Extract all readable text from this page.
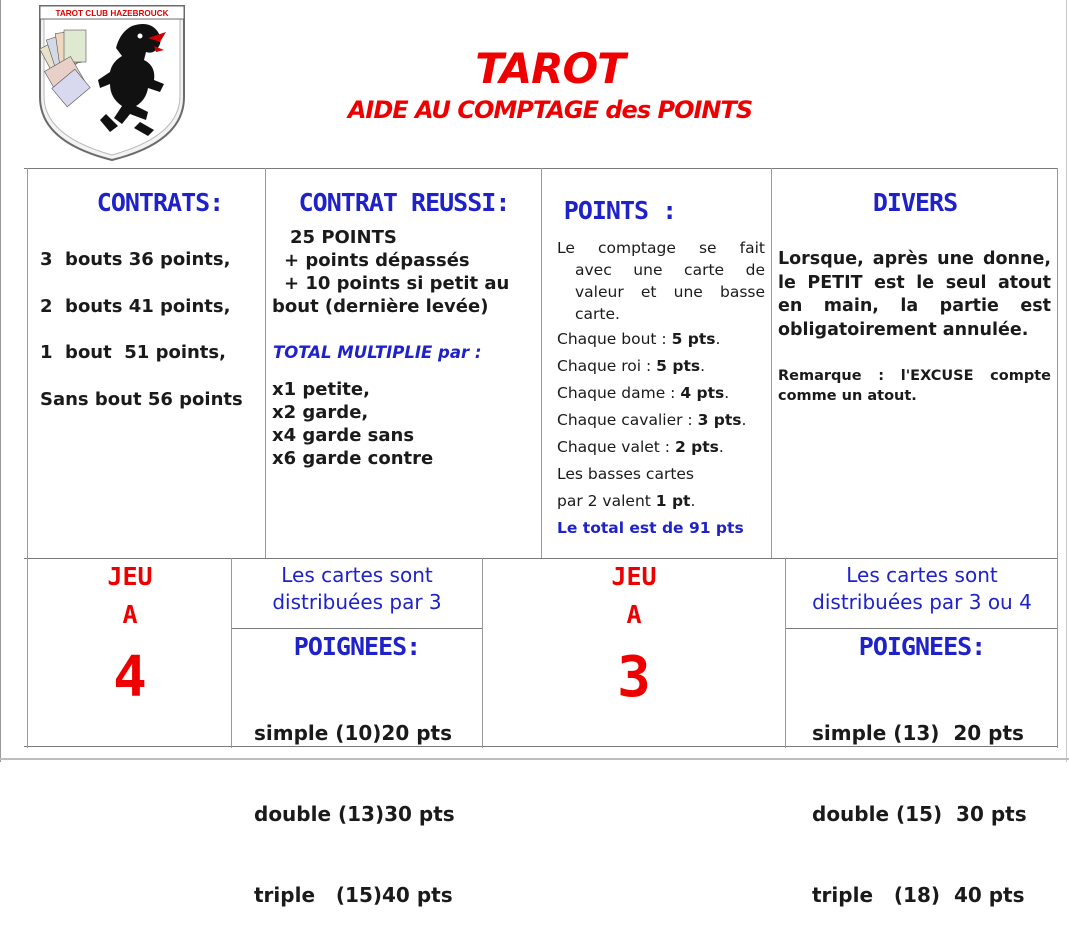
TAROT CLUB HAZEBROUCK
TAROT
AIDE AU COMPTAGE des POINTS
CONTRATS:
3  bouts 36 points,
2  bouts 41 points,
1  bout  51 points,
Sans bout 56 points
CONTRAT REUSSI:
25 POINTS
+ points dépassés
+ 10 points si petit au
bout (dernière levée)
TOTAL MULTIPLIE par :
x1 petite,
x2 garde,
x4 garde sans
x6 garde contre
POINTS :
Le comptage se fait
avec une carte de
valeur et une basse
carte.
Chaque bout : 5 pts.
Chaque roi : 5 pts.
Chaque dame : 4 pts.
Chaque cavalier : 3 pts.
Chaque valet : 2 pts.
Les basses cartes
par 2 valent 1 pt.
Le total est de 91 pts
DIVERS
Lorsque, après une donne,
le PETIT est le seul atout
en main, la partie est
obligatoirement annulée.
Remarque : l'EXCUSE compte
comme un atout.
JEU
A
4
Les cartes sont
distribuées par 3
POIGNEES:

simple (10)20 pts

double (13)30 pts

triple   (15)40 pts

JEU
A
3
Les cartes sont
distribuées par 3 ou 4
POIGNEES:

simple (13)  20 pts

double (15)  30 pts

triple   (18)  40 pts
